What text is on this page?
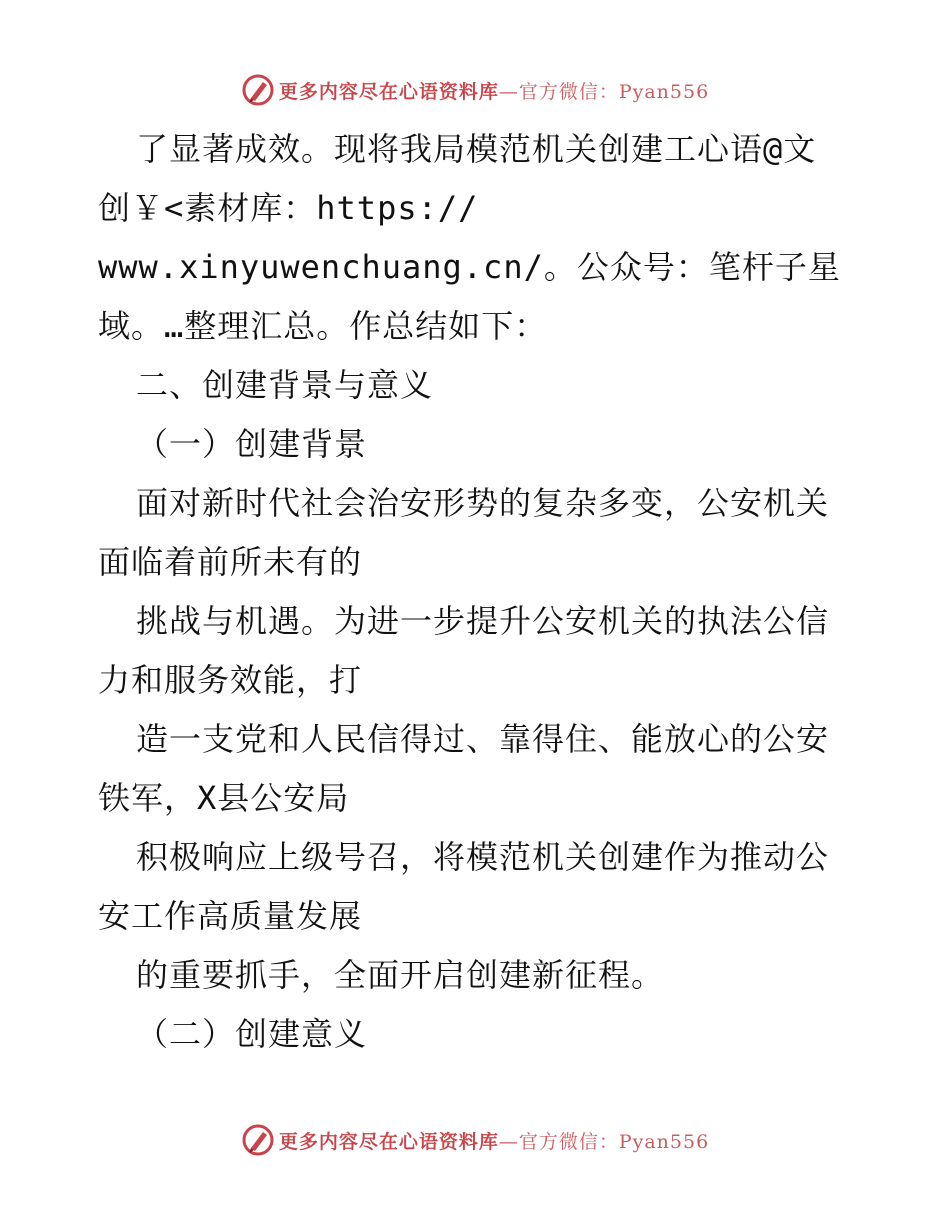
更多内容尽在心语资料库—官方微信：Pyan556
了显著成效。现将我局模范机关创建工心语@文
创￥<素材库：https://
www.xinyuwenchuang.cn/。公众号：笔杆子星
域。…整理汇总。作总结如下：
二、创建背景与意义
（一）创建背景
面对新时代社会治安形势的复杂多变，公安机关
面临着前所未有的
挑战与机遇。为进一步提升公安机关的执法公信
力和服务效能，打
造一支党和人民信得过、靠得住、能放心的公安
铁军，X县公安局
积极响应上级号召，将模范机关创建作为推动公
安工作高质量发展
的重要抓手，全面开启创建新征程。
（二）创建意义
更多内容尽在心语资料库—官方微信：Pyan556
